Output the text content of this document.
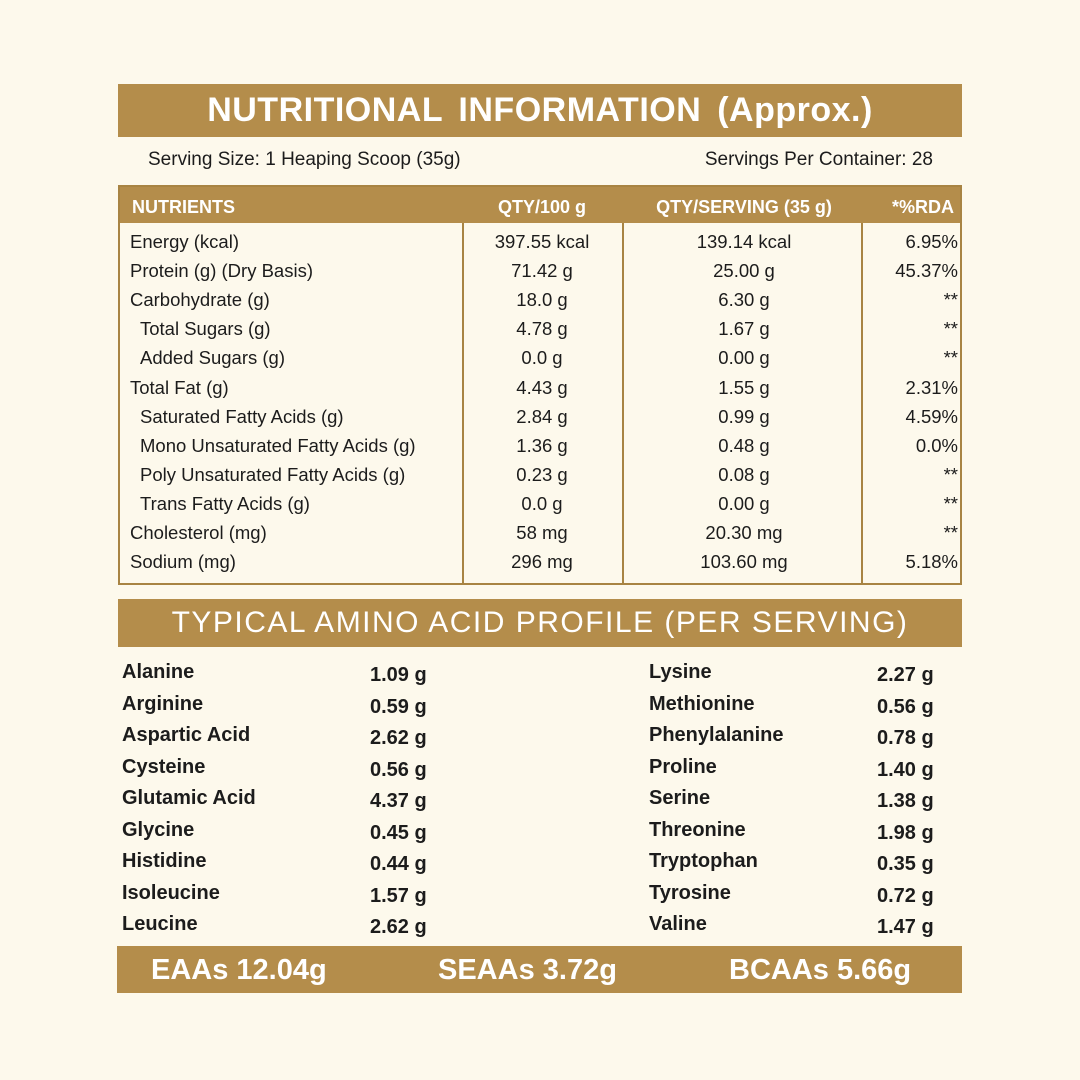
NUTRITIONAL INFORMATION (Approx.)
Serving Size: 1 Heaping Scoop (35g)	Servings Per Container: 28
NUTRIENTS	QTY/100 g	QTY/SERVING (35 g)	*%RDA
Energy (kcal)	397.55 kcal	139.14 kcal	6.95%
Protein (g) (Dry Basis)	71.42 g	25.00 g	45.37%
Carbohydrate (g)	18.0 g	6.30 g	**
Total Sugars (g)	4.78 g	1.67 g	**
Added Sugars (g)	0.0 g	0.00 g	**
Total Fat (g)	4.43 g	1.55 g	2.31%
Saturated Fatty Acids (g)	2.84 g	0.99 g	4.59%
Mono Unsaturated Fatty Acids (g)	1.36 g	0.48 g	0.0%
Poly Unsaturated Fatty Acids (g)	0.23 g	0.08 g	**
Trans Fatty Acids (g)	0.0 g	0.00 g	**
Cholesterol (mg)	58 mg	20.30 mg	**
Sodium (mg)	296 mg	103.60 mg	5.18%
TYPICAL AMINO ACID PROFILE (PER SERVING)
Alanine	1.09 g
Arginine	0.59 g
Aspartic Acid	2.62 g
Cysteine	0.56 g
Glutamic Acid	4.37 g
Glycine	0.45 g
Histidine	0.44 g
Isoleucine	1.57 g
Leucine	2.62 g
Lysine	2.27 g
Methionine	0.56 g
Phenylalanine	0.78 g
Proline	1.40 g
Serine	1.38 g
Threonine	1.98 g
Tryptophan	0.35 g
Tyrosine	0.72 g
Valine	1.47 g
EAAs 12.04g	SEAAs 3.72g	BCAAs 5.66g
